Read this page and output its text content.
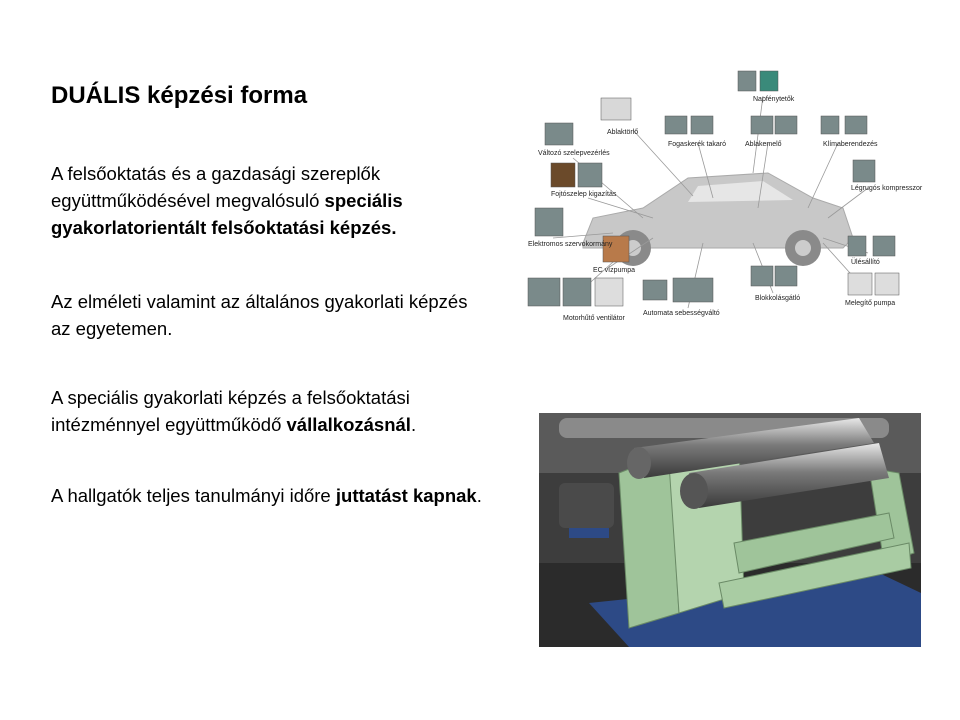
DUÁLIS képzési forma

A felsőoktatás és a gazdasági szereplők együttműködésével megvalósuló speciális gyakorlatorientált felsőoktatási képzés.

Az elméleti valamint az általános gyakorlati képzés az egyetemen.

A speciális gyakorlati képzés a felsőoktatási intézménnyel együttműködő vállalkozásnál.

A hallgatók teljes tanulmányi időre juttatást kapnak.

Napfénytetők
Ablaktörlő
Változó szelepvezérlés
Fogaskerék takaró	Ablakemelő	Klímaberendezés
Fojtószelep kigazítás
Légrugós kompresszor
Elektromos szervokormány
EC vízpumpa
Ülésállító
Motorhűtő ventilátor
Automata sebességváltó
Blokkolásgátló
Melegítő pumpa
